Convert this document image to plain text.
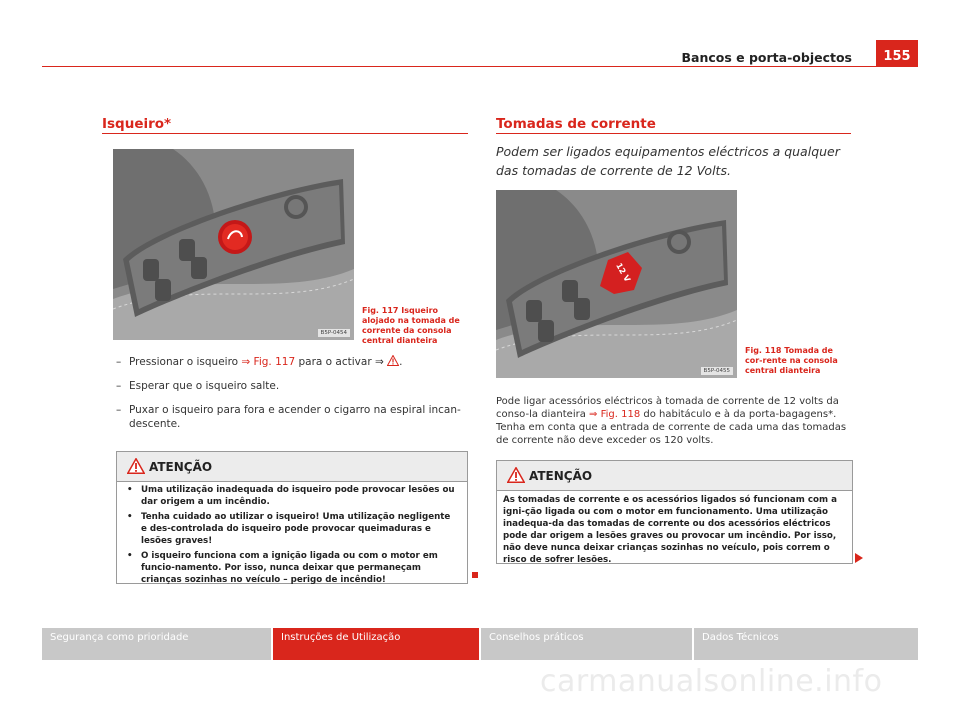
Bancos e porta-objectos	155
Isqueiro*
B5P-0454
Fig. 117 Isqueiro alojado na tomada de corrente da consola central dianteira
– Pressionar o isqueiro ⇒ Fig. 117 para o activar ⇒ .
– Esperar que o isqueiro salte.
– Puxar o isqueiro para fora e acender o cigarro na espiral incan-descente.
ATENÇÃO
• Uma utilização inadequada do isqueiro pode provocar lesões ou dar origem a um incêndio.
• Tenha cuidado ao utilizar o isqueiro! Uma utilização negligente e des-controlada do isqueiro pode provocar queimaduras e lesões graves!
• O isqueiro funciona com a ignição ligada ou com o motor em funcio-namento. Por isso, nunca deixar que permaneçam crianças sozinhas no veículo – perigo de incêndio!
Tomadas de corrente
Podem ser ligados equipamentos eléctricos a qualquer das tomadas de corrente de 12 Volts.
12 V
B5P-0455
Fig. 118 Tomada de cor-rente na consola central dianteira
Pode ligar acessórios eléctricos à tomada de corrente de 12 volts da conso-la dianteira ⇒ Fig. 118 do habitáculo e à da porta-bagagens*. Tenha em conta que a entrada de corrente de cada uma das tomadas de corrente não deve exceder os 120 volts.
ATENÇÃO
As tomadas de corrente e os acessórios ligados só funcionam com a igni-ção ligada ou com o motor em funcionamento. Uma utilização inadequa-da das tomadas de corrente ou dos acessórios eléctricos pode dar origem a lesões graves ou provocar um incêndio. Por isso, não deve nunca deixar crianças sozinhas no veículo, pois correm o risco de sofrer lesões.
Segurança como prioridade	Instruções de Utilização	Conselhos práticos	Dados Técnicos
carmanualsonline.info
